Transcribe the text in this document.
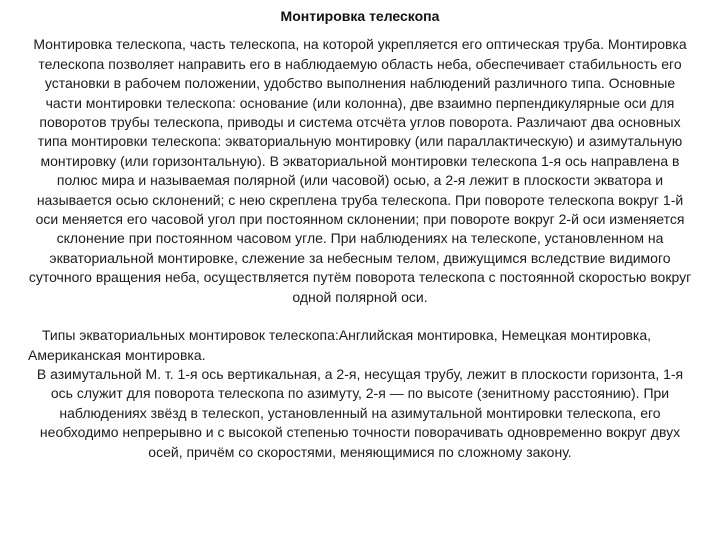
Монтировка телескопа

Монтировка телескопа, часть телескопа, на которой укрепляется его оптическая труба. Монтировка телескопа позволяет направить его в наблюдаемую область неба, обеспечивает стабильность его установки в рабочем положении, удобство выполнения наблюдений различного типа. Основные части монтировки телескопа: основание (или колонна), две взаимно перпендикулярные оси для поворотов трубы телескопа, приводы и система отсчёта углов поворота. Различают два основных типа монтировки телескопа: экваториальную монтировку (или параллактическую) и азимутальную монтировку (или горизонтальную). В экваториальной монтировки телескопа 1-я ось направлена в полюс мира и называемая полярной (или часовой) осью, а 2-я лежит в плоскости экватора и называется осью склонений; с нею скреплена труба телескопа. При повороте телескопа вокруг 1-й оси меняется его часовой угол при постоянном склонении; при повороте вокруг 2-й оси изменяется склонение при постоянном часовом угле. При наблюдениях на телескопе, установленном на экваториальной монтировке, слежение за небесным телом, движущимся вследствие видимого суточного вращения неба, осуществляется путём поворота телескопа с постоянной скоростью вокруг одной полярной оси.

Типы экваториальных монтировок телескопа:Английская монтировка, Немецкая монтировка, Американская монтировка.

В азимутальной М. т. 1-я ось вертикальная, а 2-я, несущая трубу, лежит в плоскости горизонта, 1-я ось служит для поворота телескопа по азимуту, 2-я — по высоте (зенитному расстоянию). При наблюдениях звёзд в телескоп, установленный на азимутальной монтировки телескопа, его необходимо непрерывно и с высокой степенью точности поворачивать одновременно вокруг двух осей, причём со скоростями, меняющимися по сложному закону.
